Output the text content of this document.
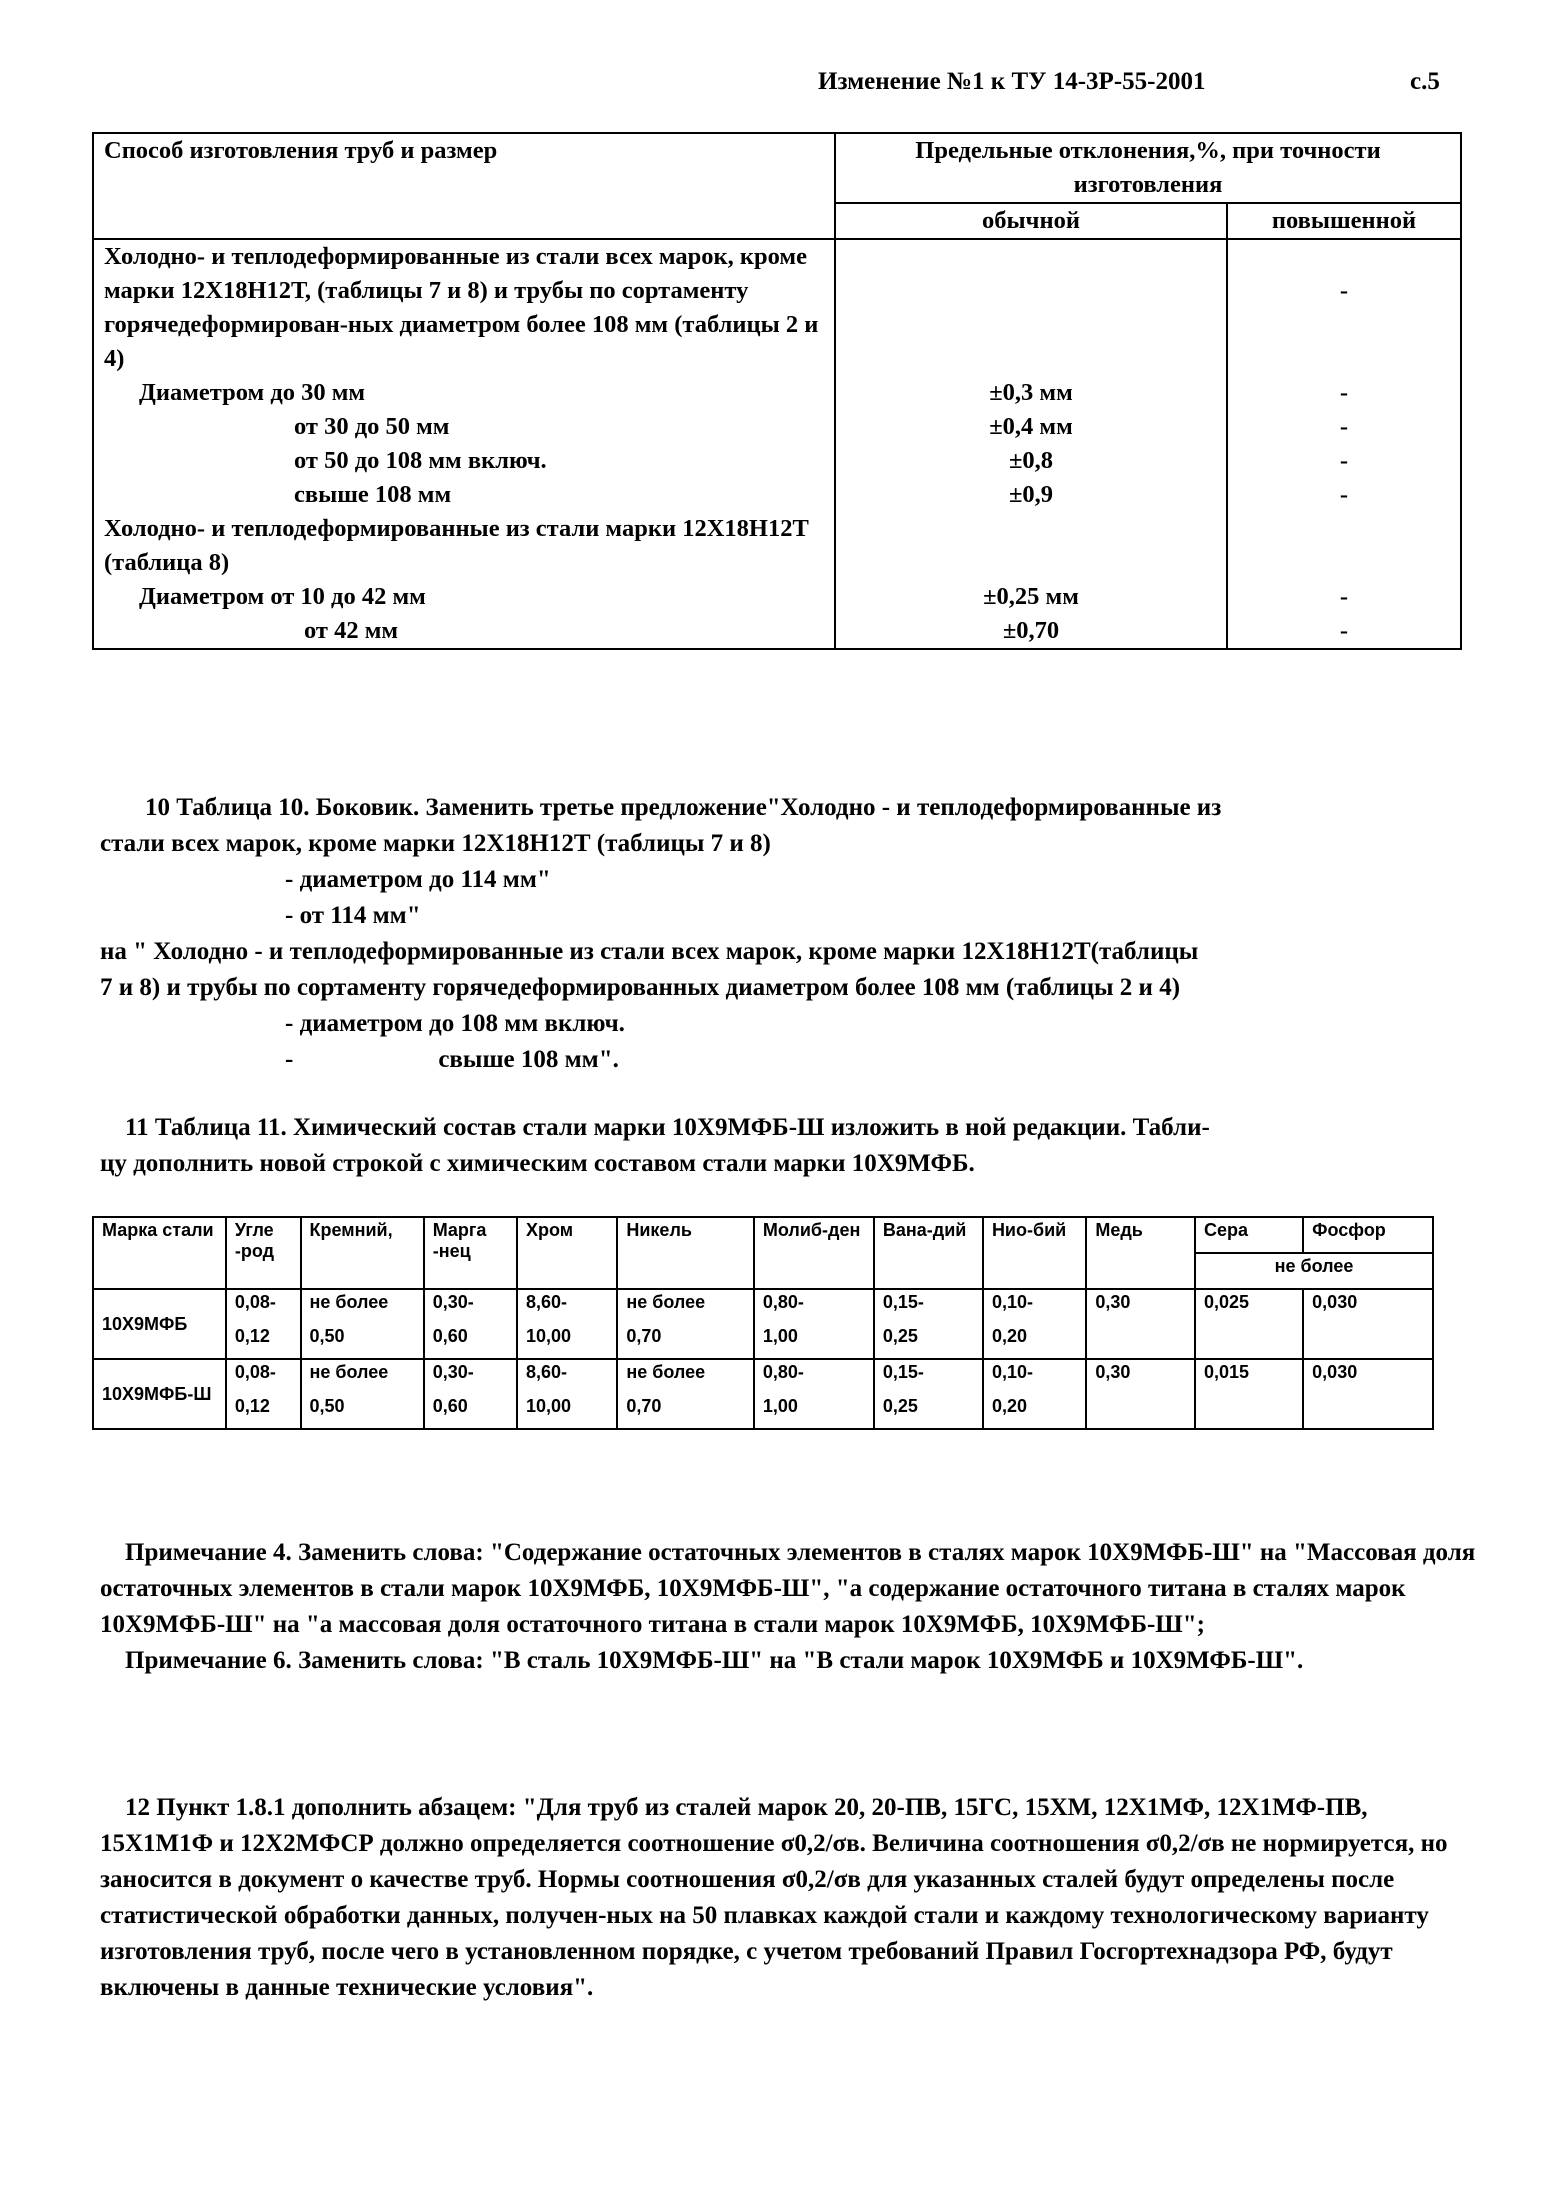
Изменение №1 к ТУ 14-3Р-55-2001	с.5
Способ изготовления труб и размер	Предельные отклонения,%, при точности изготовления	
	обычной	повышенной
Холодно- и теплодеформированные из стали всех марок, кроме марки 12Х18Н12Т, (таблицы 7 и 8) и трубы по сортаменту горячедеформирован-ных диаметром более 108 мм (таблицы 2 и 4)		-
Диаметром до 30 мм	±0,3 мм	-
от 30 до 50 мм	±0,4 мм	-
от 50 до 108 мм включ.	±0,8	-
свыше 108 мм	±0,9	-
Холодно- и теплодеформированные из стали марки 12Х18Н12Т (таблица 8)		
Диаметром от 10 до 42 мм	±0,25 мм	-
от 42 мм	±0,70	-

10 Таблица 10. Боковик. Заменить третье предложение"Холодно - и теплодеформированные из

стали всех марок, кроме марки 12Х18Н12Т (таблицы 7 и 8)

- диаметром до 114 мм"

- от 114 мм"

на " Холодно - и теплодеформированные из стали всех марок, кроме марки 12Х18Н12Т(таблицы

7 и 8) и трубы по сортаменту горячедеформированных диаметром более 108 мм (таблицы 2 и 4)

- диаметром до 108 мм включ.

-	свыше 108 мм".

11 Таблица 11. Химический состав стали марки 10Х9МФБ-Ш изложить в ной редакции. Табли-

цу дополнить новой строкой с химическим составом стали марки 10Х9МФБ.

Марка стали	Угле -род	Кремний,	Марга -нец	Хром	Никель	Молиб-ден	Вана-дий	Нио-бий	Медь	Сера	Фосфор
										не более	
10Х9МФБ	0,08-	не более	0,30-	8,60-	не более	0,80-	0,15-	0,10-	0,30	0,025	0,030
	0,12	0,50	0,60	10,00	0,70	1,00	0,25	0,20			
10Х9МФБ-Ш	0,08-	не более	0,30-	8,60-	не более	0,80-	0,15-	0,10-	0,30	0,015	0,030
	0,12	0,50	0,60	10,00	0,70	1,00	0,25	0,20			

Примечание 4. Заменить слова: "Содержание остаточных элементов в сталях марок 10Х9МФБ-Ш" на "Массовая доля остаточных элементов в стали марок 10Х9МФБ, 10Х9МФБ-Ш", "а содержание остаточного титана в сталях марок 10Х9МФБ-Ш" на "а массовая доля остаточного титана в стали марок 10Х9МФБ, 10Х9МФБ-Ш";

Примечание 6. Заменить слова: "В сталь 10Х9МФБ-Ш" на "В стали марок 10Х9МФБ и 10Х9МФБ-Ш".

12 Пункт 1.8.1 дополнить абзацем: "Для труб из сталей марок 20, 20-ПВ, 15ГС, 15ХМ, 12Х1МФ, 12Х1МФ-ПВ, 15Х1М1Ф и 12Х2МФСР должно определяется соотношение σ0,2/σв. Величина соотношения σ0,2/σв не нормируется, но заносится в документ о качестве труб. Нормы соотношения σ0,2/σв для указанных сталей будут определены после статистической обработки данных, получен-ных на 50 плавках каждой стали и каждому технологическому варианту изготовления труб, после чего в установленном порядке, с учетом требований Правил Госгортехнадзора РФ, будут включены в данные технические условия".
